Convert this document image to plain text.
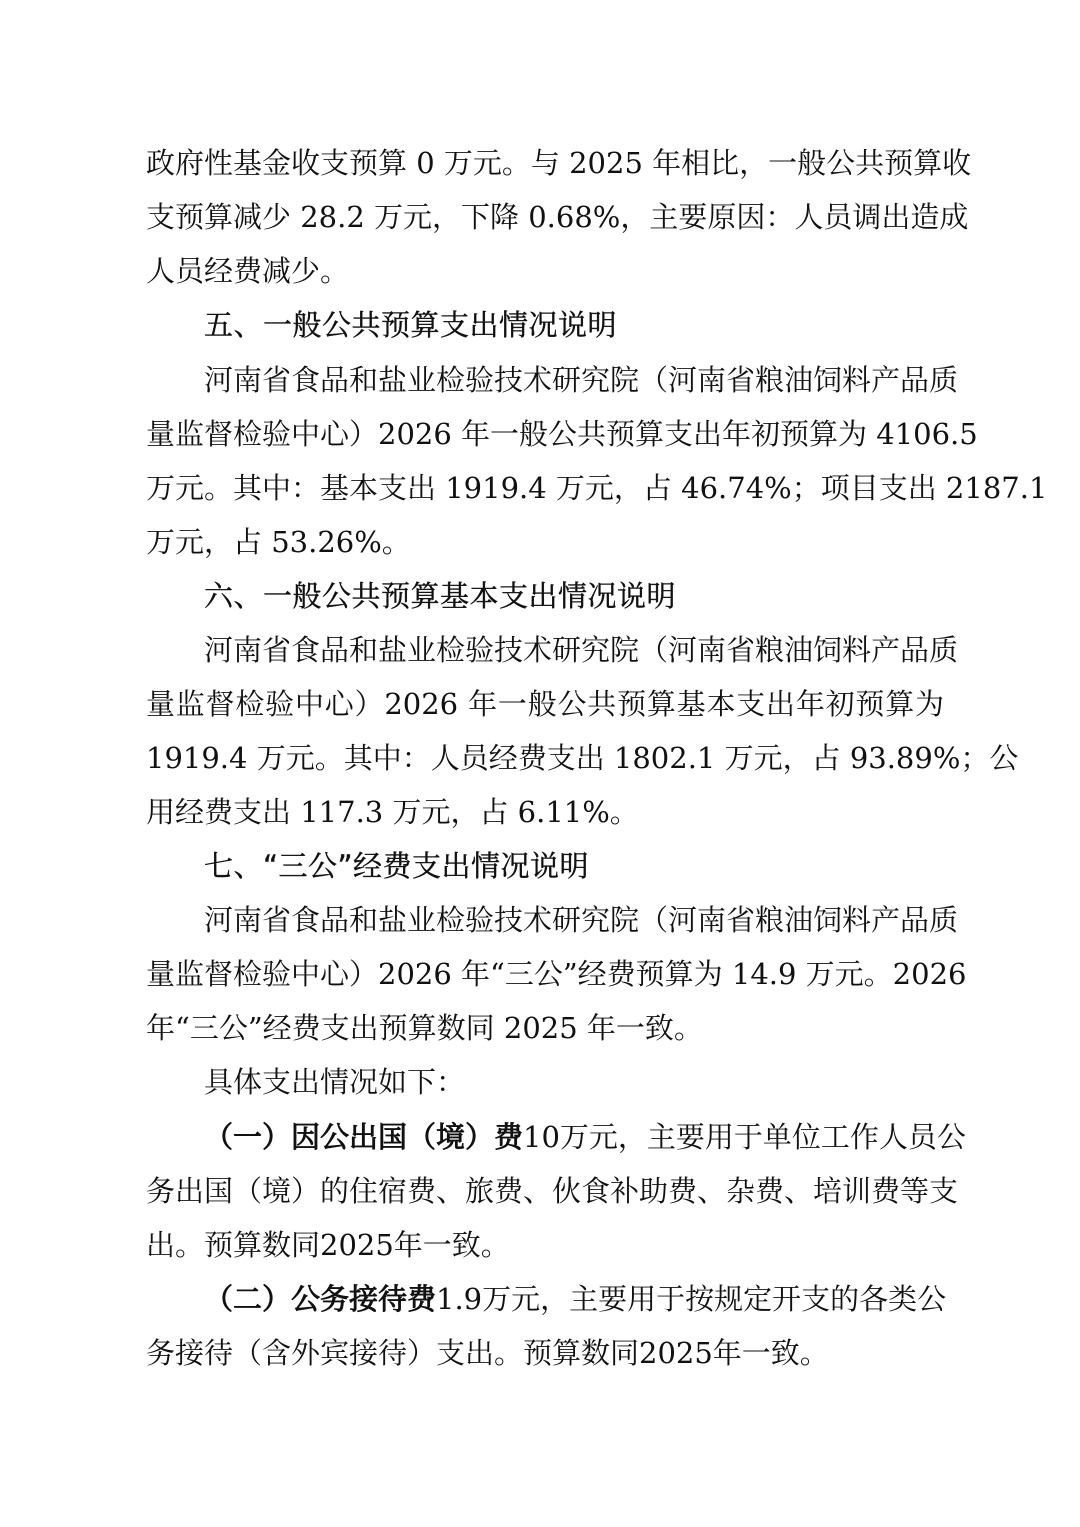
政府性基金收支预算 0 万元。与 2025 年相比，一般公共预算收
支预算减少 28.2 万元，下降 0.68%，主要原因：人员调出造成
人员经费减少。
五、一般公共预算支出情况说明
河南省食品和盐业检验技术研究院（河南省粮油饲料产品质
量监督检验中心）2026 年一般公共预算支出年初预算为 4106.5
万元。其中：基本支出 1919.4 万元，占 46.74%；项目支出 2187.1
万元，占 53.26%。
六、一般公共预算基本支出情况说明
河南省食品和盐业检验技术研究院（河南省粮油饲料产品质
量监督检验中心）2026 年一般公共预算基本支出年初预算为
1919.4 万元。其中：人员经费支出 1802.1 万元，占 93.89%；公
用经费支出 117.3 万元，占 6.11%。
七、“三公”经费支出情况说明
河南省食品和盐业检验技术研究院（河南省粮油饲料产品质
量监督检验中心）2026 年“三公”经费预算为 14.9 万元。2026
年“三公”经费支出预算数同 2025 年一致。
具体支出情况如下：
（一）因公出国（境）费10万元，主要用于单位工作人员公
务出国（境）的住宿费、旅费、伙食补助费、杂费、培训费等支
出。预算数同2025年一致。
（二）公务接待费1.9万元，主要用于按规定开支的各类公
务接待（含外宾接待）支出。预算数同2025年一致。
